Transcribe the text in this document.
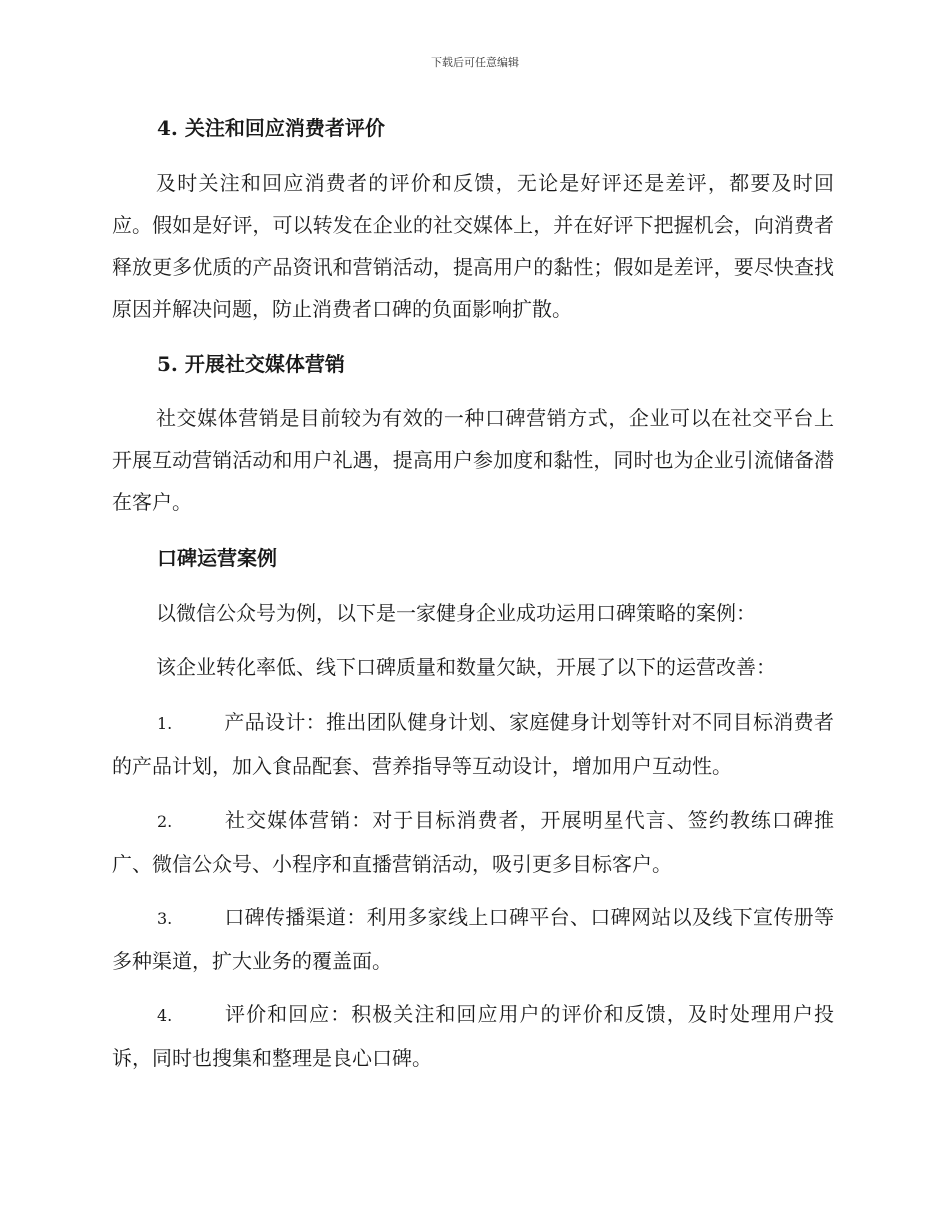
下载后可任意编辑
4. 关注和回应消费者评价
及时关注和回应消费者的评价和反馈，无论是好评还是差评，都要及时回应。假如是好评，可以转发在企业的社交媒体上，并在好评下把握机会，向消费者释放更多优质的产品资讯和营销活动，提高用户的黏性；假如是差评，要尽快查找原因并解决问题，防止消费者口碑的负面影响扩散。
5. 开展社交媒体营销
社交媒体营销是目前较为有效的一种口碑营销方式，企业可以在社交平台上开展互动营销活动和用户礼遇，提高用户参加度和黏性，同时也为企业引流储备潜在客户。
口碑运营案例
以微信公众号为例，以下是一家健身企业成功运用口碑策略的案例：
该企业转化率低、线下口碑质量和数量欠缺，开展了以下的运营改善：
1.	产品设计：推出团队健身计划、家庭健身计划等针对不同目标消费者的产品计划，加入食品配套、营养指导等互动设计，增加用户互动性。
2.	社交媒体营销：对于目标消费者，开展明星代言、签约教练口碑推广、微信公众号、小程序和直播营销活动，吸引更多目标客户。
3.	口碑传播渠道：利用多家线上口碑平台、口碑网站以及线下宣传册等多种渠道，扩大业务的覆盖面。
4.	评价和回应：积极关注和回应用户的评价和反馈，及时处理用户投诉，同时也搜集和整理是良心口碑。
